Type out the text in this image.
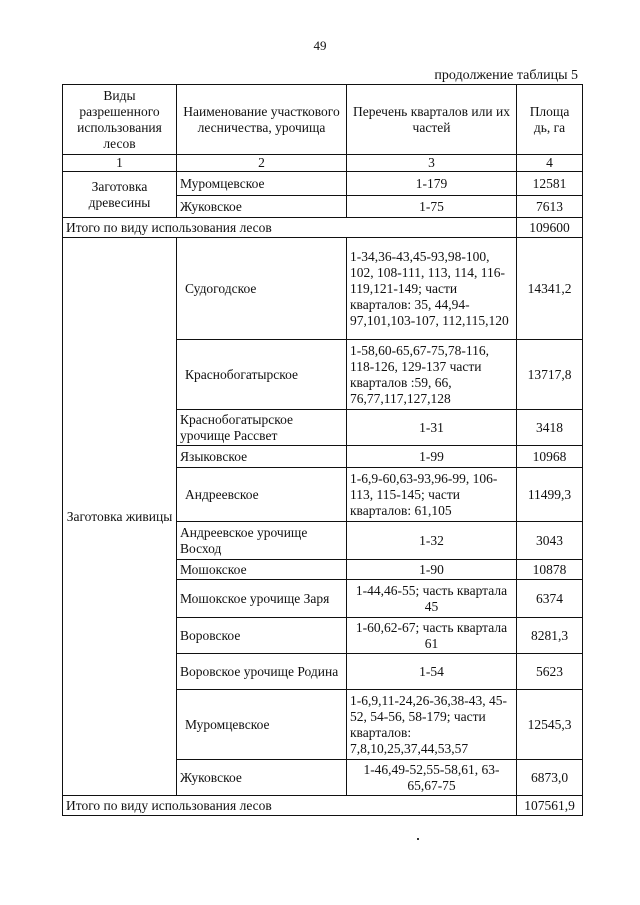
49
продолжение таблицы 5
Виды разрешенного использования лесов	Наименование участкового лесничества, урочища	Перечень кварталов или их частей	Площа дь, га
1	2	3	4
Заготовка древесины	Муромцевское	1-179	12581
	Жуковское	1-75	7613
Итого по виду использования лесов			109600
Заготовка живицы	Судогодское	1-34,36-43,45-93,98-100, 102, 108-111, 113, 114, 116-119,121-149; части кварталов: 35, 44,94-97,101,103-107, 112,115,120	14341,2
	Краснобогатырское	1-58,60-65,67-75,78-116, 118-126, 129-137 части кварталов :59, 66, 76,77,117,127,128	13717,8
	Краснобогатырское урочище Рассвет	1-31	3418
	Языковское	1-99	10968
	Андреевское	1-6,9-60,63-93,96-99, 106-113, 115-145; части кварталов: 61,105	11499,3
	Андреевское урочище Восход	1-32	3043
	Мошокское	1-90	10878
	Мошокское урочище Заря	1-44,46-55; часть квартала 45	6374
	Воровское	1-60,62-67; часть квартала 61	8281,3
	Воровское урочище Родина	1-54	5623
	Муромцевское	1-6,9,11-24,26-36,38-43, 45-52, 54-56, 58-179; части кварталов: 7,8,10,25,37,44,53,57	12545,3
	Жуковское	1-46,49-52,55-58,61, 63-65,67-75	6873,0
Итого по виду использования лесов			107561,9
